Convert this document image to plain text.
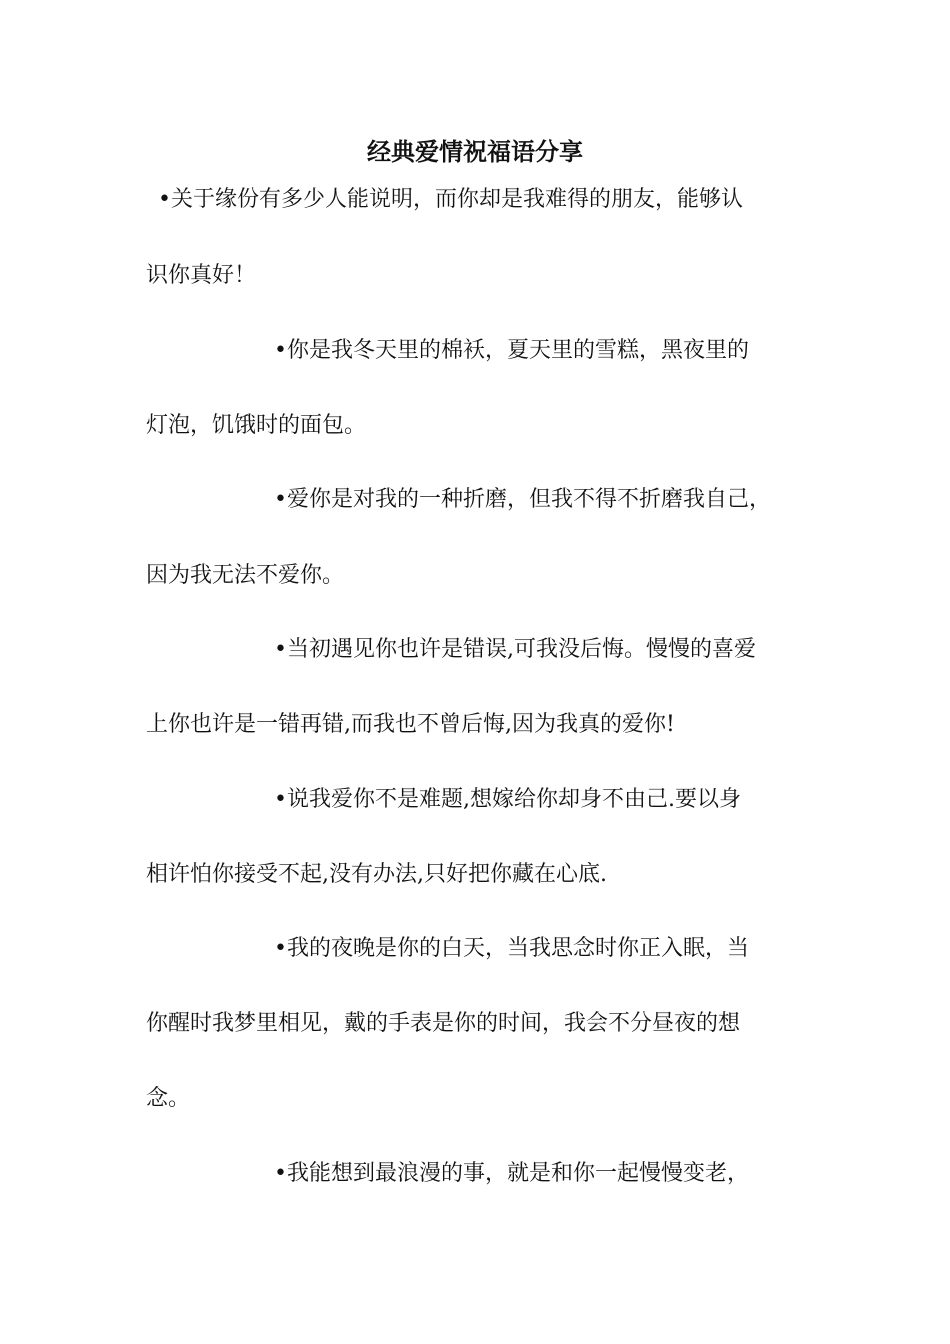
经典爱情祝福语分享
•关于缘份有多少人能说明，而你却是我难得的朋友，能够认
识你真好！
•你是我冬天里的棉袄，夏天里的雪糕，黑夜里的
灯泡，饥饿时的面包。
•爱你是对我的一种折磨，但我不得不折磨我自己，
因为我无法不爱你。
•当初遇见你也许是错误,可我没后悔。慢慢的喜爱
上你也许是一错再错,而我也不曾后悔,因为我真的爱你!
•说我爱你不是难题,想嫁给你却身不由己.要以身
相许怕你接受不起,没有办法,只好把你藏在心底.
•我的夜晚是你的白天，当我思念时你正入眠，当
你醒时我梦里相见，戴的手表是你的时间，我会不分昼夜的想
念。
•我能想到最浪漫的事，就是和你一起慢慢变老，
